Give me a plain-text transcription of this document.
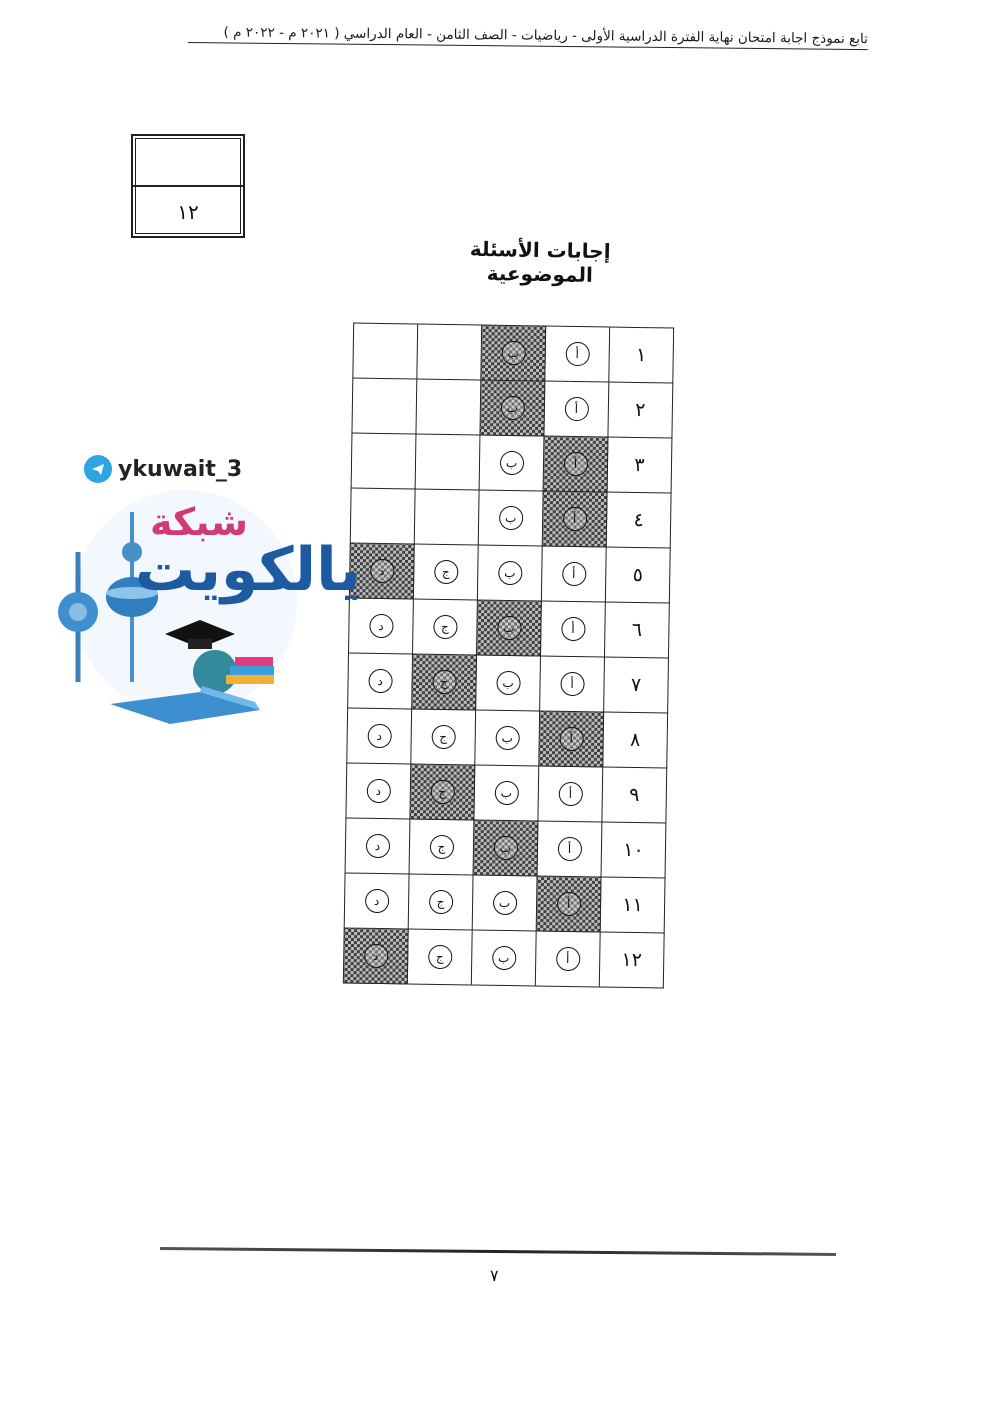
تابع نموذج اجابة امتحان نهاية الفترة الدراسية الأولى - رياضيات - الصف الثامن - العام الدراسي ( ٢٠٢١ م - ٢٠٢٢ م )
١٢
إجابات الأسئلة الموضوعية
١	أ	ب		
٢	أ	ب		
٣	أ	ب		
٤	أ	ب		
٥	أ	ب	ج	د
٦	أ	ب	ج	د
٧	أ	ب	ج	د
٨	أ	ب	ج	د
٩	أ	ب	ج	د
١٠	أ	ب	ج	د
١١	أ	ب	ج	د
١٢	أ	ب	ج	د
ykuwait_3
شبكة
يالكويت
٧
